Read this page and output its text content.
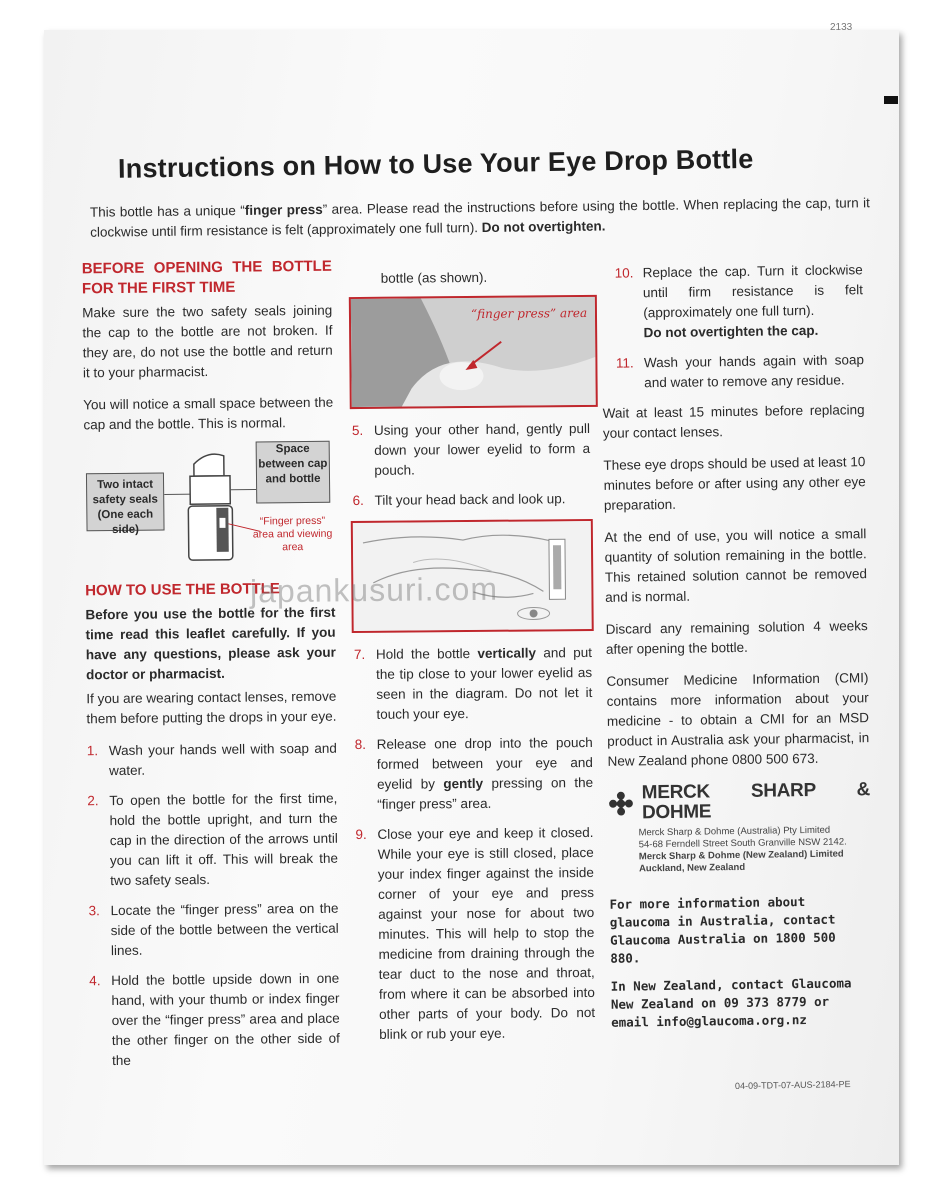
2133
Instructions on How to Use Your Eye Drop Bottle
This bottle has a unique “finger press” area. Please read the instructions before using the bottle. When replacing the cap, turn it clockwise until firm resistance is felt (approximately one full turn). Do not overtighten.
BEFORE OPENING THE BOTTLE FOR THE FIRST TIME

Make sure the two safety seals joining the cap to the bottle are not broken. If they are, do not use the bottle and return it to your pharmacist.

You will notice a small space between the cap and the bottle. This is normal.

Two intact safety seals (One each side)
Space between cap and bottle
“Finger press” area and viewing area
HOW TO USE THE BOTTLE

Before you use the bottle for the first time read this leaflet carefully. If you have any questions, please ask your doctor or pharmacist.

If you are wearing contact lenses, remove them before putting the drops in your eye.

1. Wash your hands well with soap and water.
2. To open the bottle for the first time, hold the bottle upright, and turn the cap in the direction of the arrows until you can lift it off. This will break the two safety seals.
3. Locate the “finger press” area on the side of the bottle between the vertical lines.
4. Hold the bottle upside down in one hand, with your thumb or index finger over the “finger press” area and place the other finger on the other side of the

bottle (as shown).

“finger press” area
5. Using your other hand, gently pull down your lower eyelid to form a pouch.
6. Tilt your head back and look up.
7. Hold the bottle vertically and put the tip close to your lower eyelid as seen in the diagram. Do not let it touch your eye.
8. Release one drop into the pouch formed between your eye and eyelid by gently pressing on the “finger press” area.
9. Close your eye and keep it closed. While your eye is still closed, place your index finger against the inside corner of your eye and press against your nose for about two minutes. This will help to stop the medicine from draining through the tear duct to the nose and throat, from where it can be absorbed into other parts of your body. Do not blink or rub your eye.
10. Replace the cap. Turn it clockwise until firm resistance is felt (approximately one full turn).
Do not overtighten the cap.
11. Wash your hands again with soap and water to remove any residue.

Wait at least 15 minutes before replacing your contact lenses.

These eye drops should be used at least 10 minutes before or after using any other eye preparation.

At the end of use, you will notice a small quantity of solution remaining in the bottle. This retained solution cannot be removed and is normal.

Discard any remaining solution 4 weeks after opening the bottle.

Consumer Medicine Information (CMI) contains more information about your medicine - to obtain a CMI for an MSD product in Australia ask your pharmacist, in New Zealand phone 0800 500 673.

MERCK SHARP & DOHME
Merck Sharp & Dohme (Australia) Pty Limited
54-68 Ferndell Street South Granville NSW 2142.
Merck Sharp & Dohme (New Zealand) Limited
Auckland, New Zealand

For more information about glaucoma in Australia, contact Glaucoma Australia on 1800 500 880.

In New Zealand, contact Glaucoma New Zealand on 09 373 8779 or email info@glaucoma.org.nz

japankusuri.com
04-09-TDT-07-AUS-2184-PE
